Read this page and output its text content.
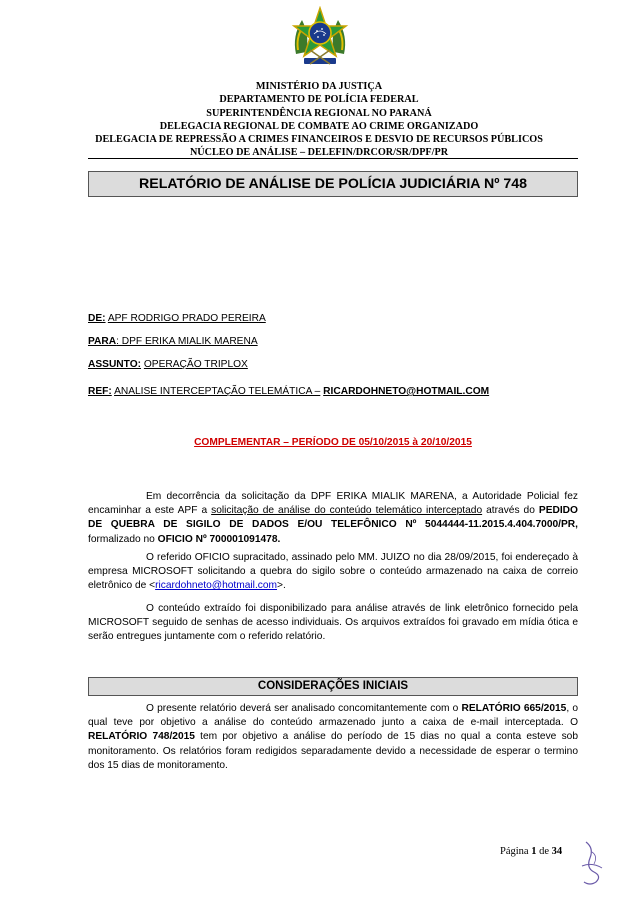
MINISTÉRIO DA JUSTIÇA
DEPARTAMENTO DE POLÍCIA FEDERAL
SUPERINTENDÊNCIA REGIONAL NO PARANÁ
DELEGACIA REGIONAL DE COMBATE AO CRIME ORGANIZADO
DELEGACIA DE REPRESSÃO A CRIMES FINANCEIROS E DESVIO DE RECURSOS PÚBLICOS
NÚCLEO DE ANÁLISE – DELEFIN/DRCOR/SR/DPF/PR
RELATÓRIO DE ANÁLISE DE POLÍCIA JUDICIÁRIA Nº 748
DE: APF RODRIGO PRADO PEREIRA
PARA: DPF ERIKA MIALIK MARENA
ASSUNTO: OPERAÇÃO TRIPLOX
REF: ANALISE INTERCEPTAÇÃO TELEMÁTICA – RICARDOHNETO@HOTMAIL.COM
COMPLEMENTAR – PERÍODO DE 05/10/2015 à 20/10/2015
Em decorrência da solicitação da DPF ERIKA MIALIK MARENA, a Autoridade Policial fez encaminhar a este APF a solicitação de análise do conteúdo telemático interceptado através do PEDIDO DE QUEBRA DE SIGILO DE DADOS E/OU TELEFÔNICO Nº 5044444-11.2015.4.404.7000/PR, formalizado no OFICIO Nº 700001091478.
O referido OFICIO supracitado, assinado pelo MM. JUIZO no dia 28/09/2015, foi endereçado à empresa MICROSOFT solicitando a quebra do sigilo sobre o conteúdo armazenado na caixa de correio eletrônico de <ricardohneto@hotmail.com>.
O conteúdo extraído foi disponibilizado para análise através de link eletrônico fornecido pela MICROSOFT seguido de senhas de acesso individuais. Os arquivos extraídos foi gravado em mídia ótica e serão entregues juntamente com o referido relatório.
CONSIDERAÇÕES INICIAIS
O presente relatório deverá ser analisado concomitantemente com o RELATÓRIO 665/2015, o qual teve por objetivo a análise do conteúdo armazenado junto a caixa de e-mail interceptada. O RELATÓRIO 748/2015 tem por objetivo a análise do período de 15 dias no qual a conta esteve sob monitoramento. Os relatórios foram redigidos separadamente devido a necessidade de esperar o termino dos 15 dias de monitoramento.
Página 1 de 34
